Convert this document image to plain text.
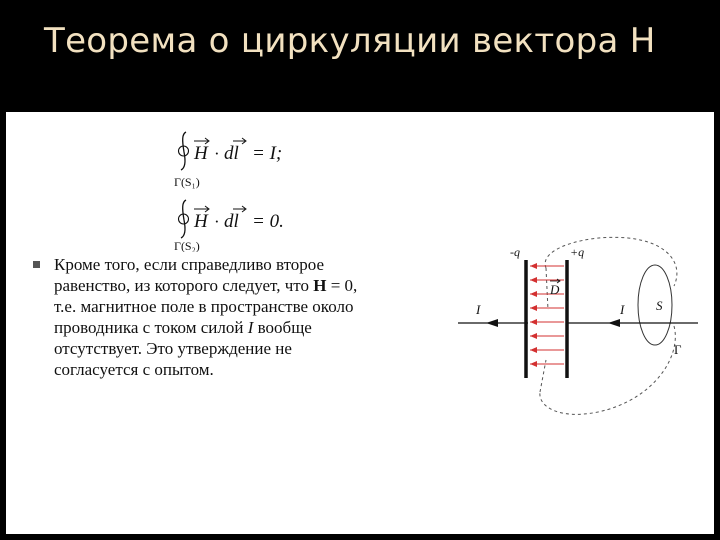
Теорема о циркуляции вектора H
H · dl = I;
Γ(S₁)
H · dl = 0.
Γ(S₂)
Кроме того, если справедливо второе
равенство, из которого следует, что H = 0,
т.е. магнитное поле в пространстве около
проводника с током силой I вообще
отсутствует. Это утверждение не
согласуется с опытом.
-q	+q
D
I	I S
Γ
